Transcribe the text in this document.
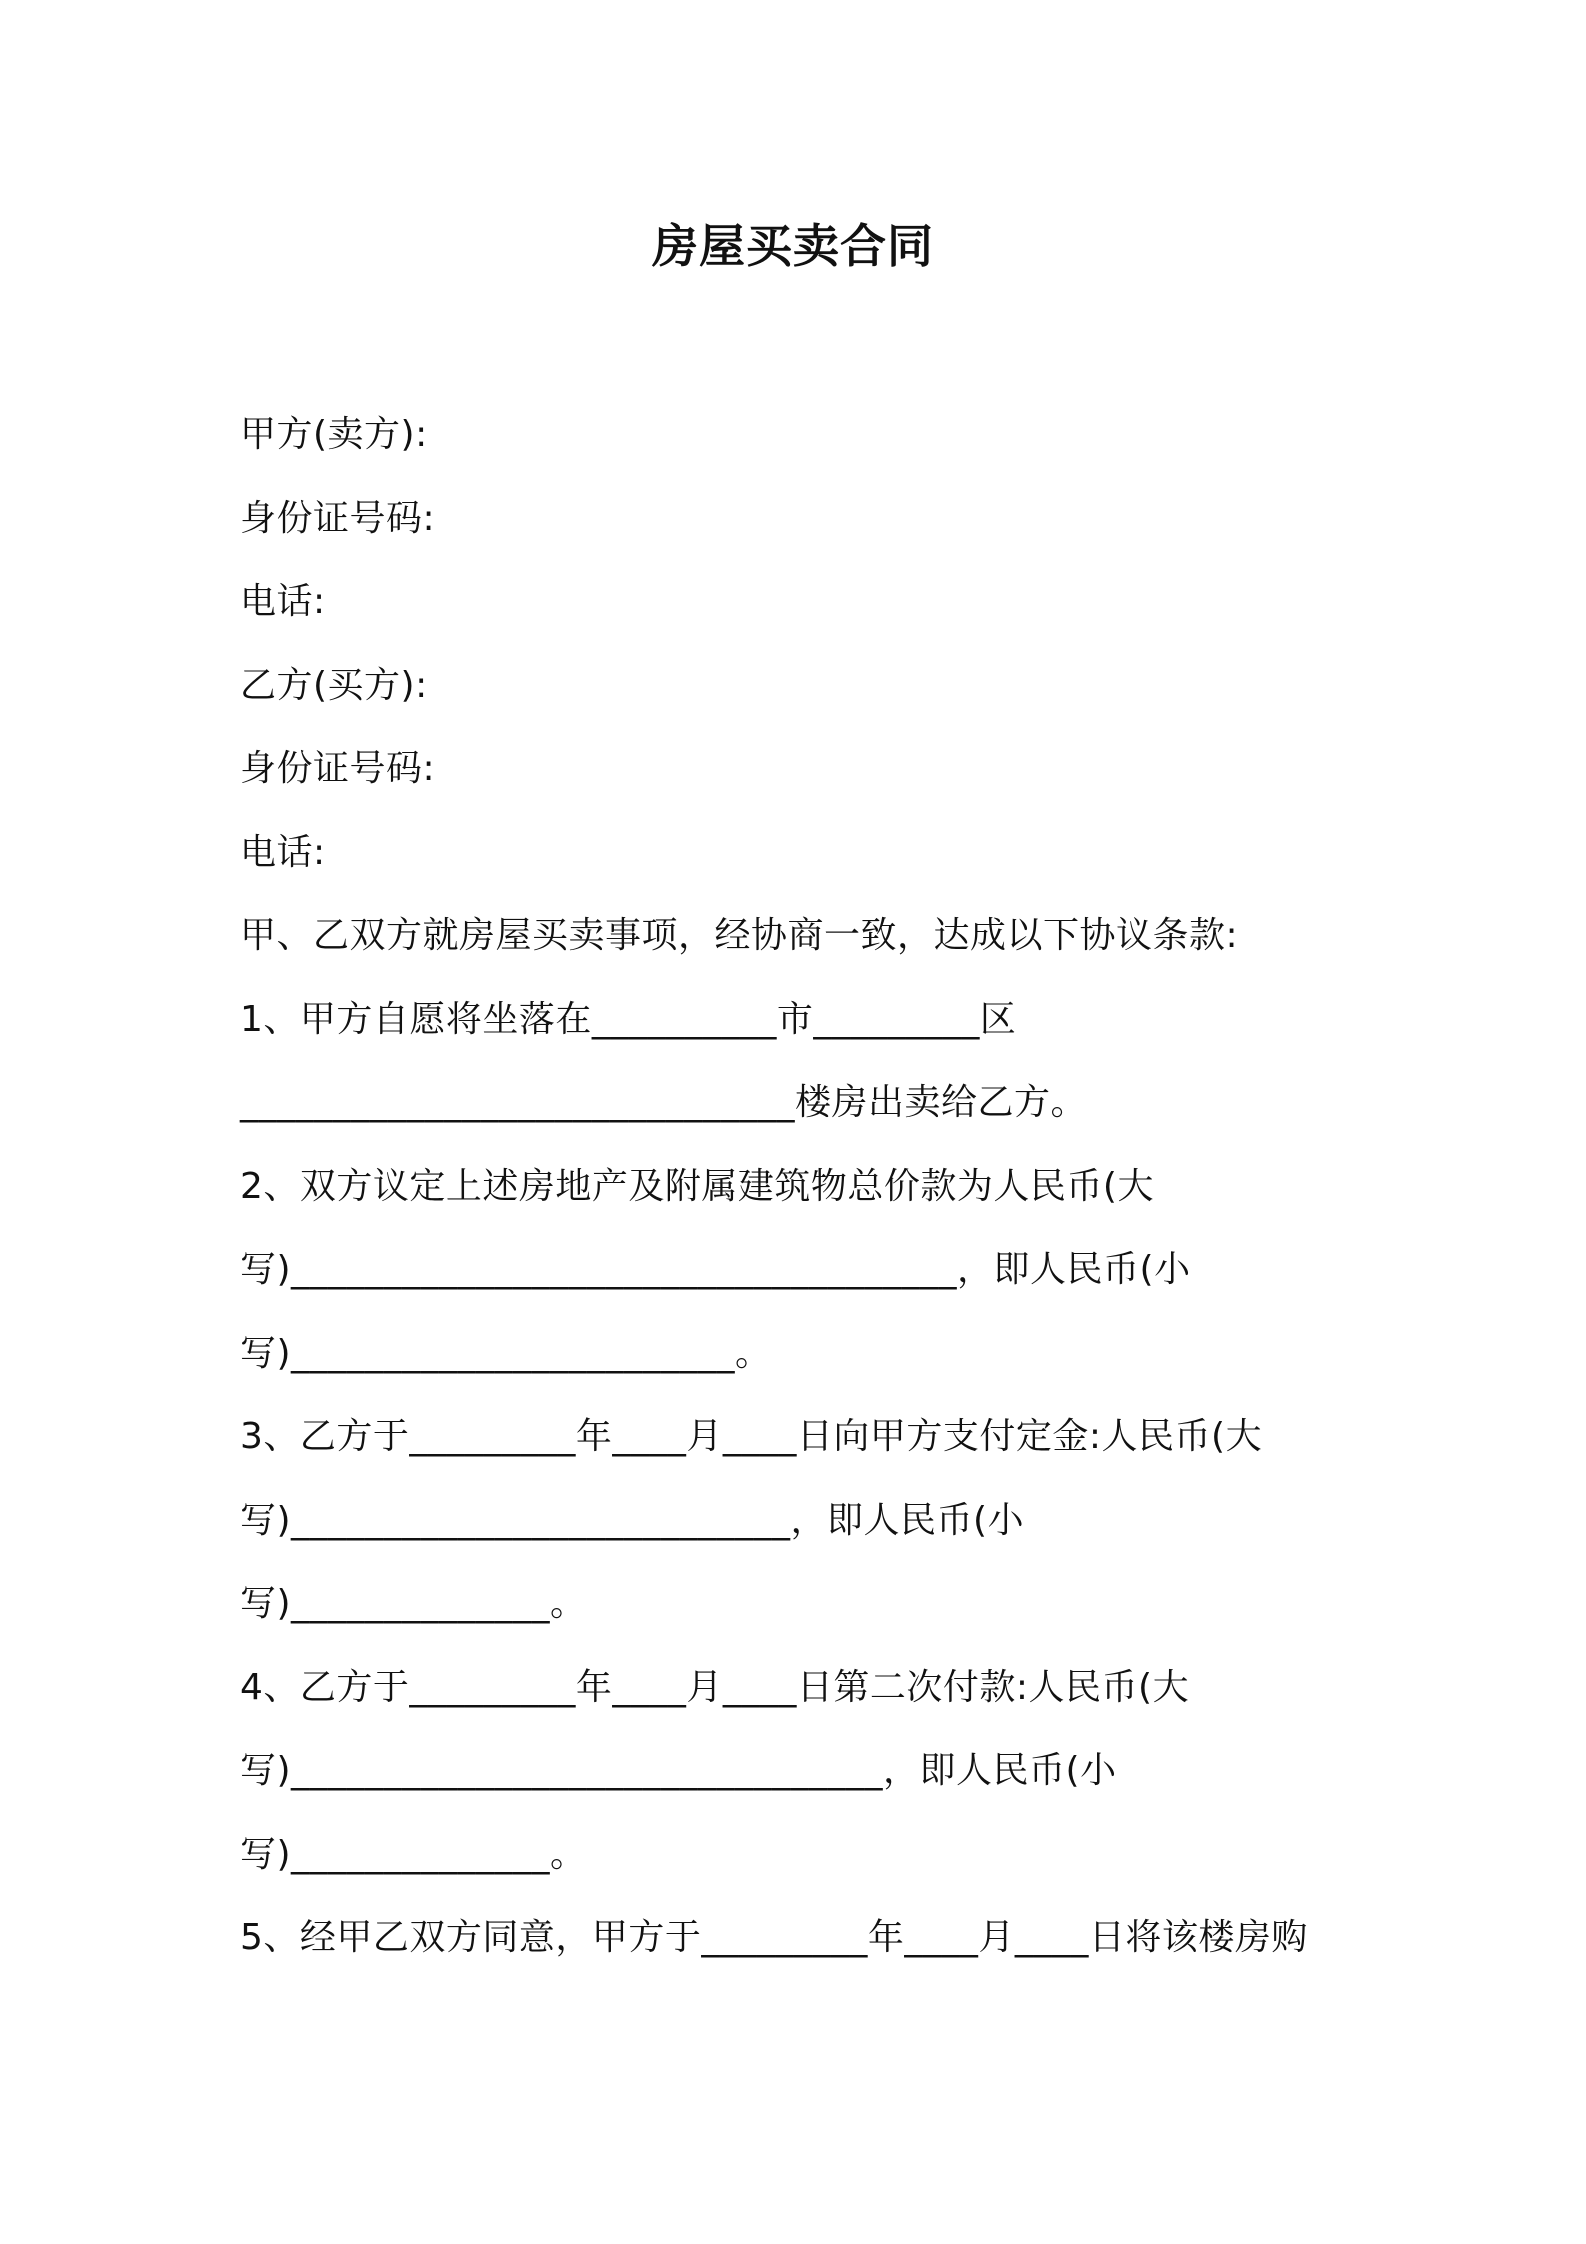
房屋买卖合同
甲方(卖方):
身份证号码:
电话:
乙方(买方):
身份证号码:
电话:
甲、乙双方就房屋买卖事项，经协商一致，达成以下协议条款:
1、甲方自愿将坐落在__________市_________区
______________________________楼房出卖给乙方。
2、双方议定上述房地产及附属建筑物总价款为人民币(大
写)____________________________________，即人民币(小
写)________________________。
3、乙方于_________年____月____日向甲方支付定金:人民币(大
写)___________________________，即人民币(小
写)______________。
4、乙方于_________年____月____日第二次付款:人民币(大
写)________________________________，即人民币(小
写)______________。
5、经甲乙双方同意，甲方于_________年____月____日将该楼房购
